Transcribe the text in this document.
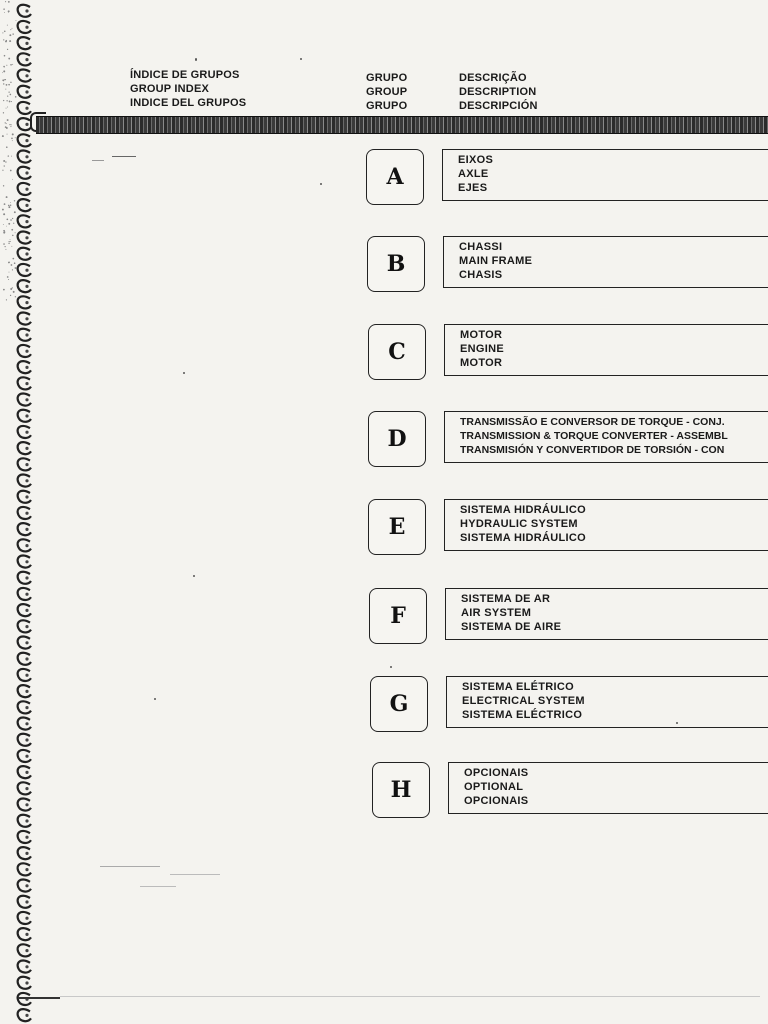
ÍNDICE DE GRUPOS
GROUP INDEX
INDICE DEL GRUPOS
GRUPO
GROUP
GRUPO
DESCRIÇÃO
DESCRIPTION
DESCRIPCIÓN
A
EIXOS
AXLE
EJES
B
CHASSI
MAIN FRAME
CHASIS
C
MOTOR
ENGINE
MOTOR
D
TRANSMISSÃO E CONVERSOR DE TORQUE - CONJ.
TRANSMISSION & TORQUE CONVERTER - ASSEMBL
TRANSMISIÓN Y CONVERTIDOR DE TORSIÓN - CON
E
SISTEMA HIDRÁULICO
HYDRAULIC SYSTEM
SISTEMA HIDRÁULICO
F
SISTEMA DE AR
AIR SYSTEM
SISTEMA DE AIRE
G
SISTEMA ELÉTRICO
ELECTRICAL SYSTEM
SISTEMA ELÉCTRICO
H
OPCIONAIS
OPTIONAL
OPCIONAIS
